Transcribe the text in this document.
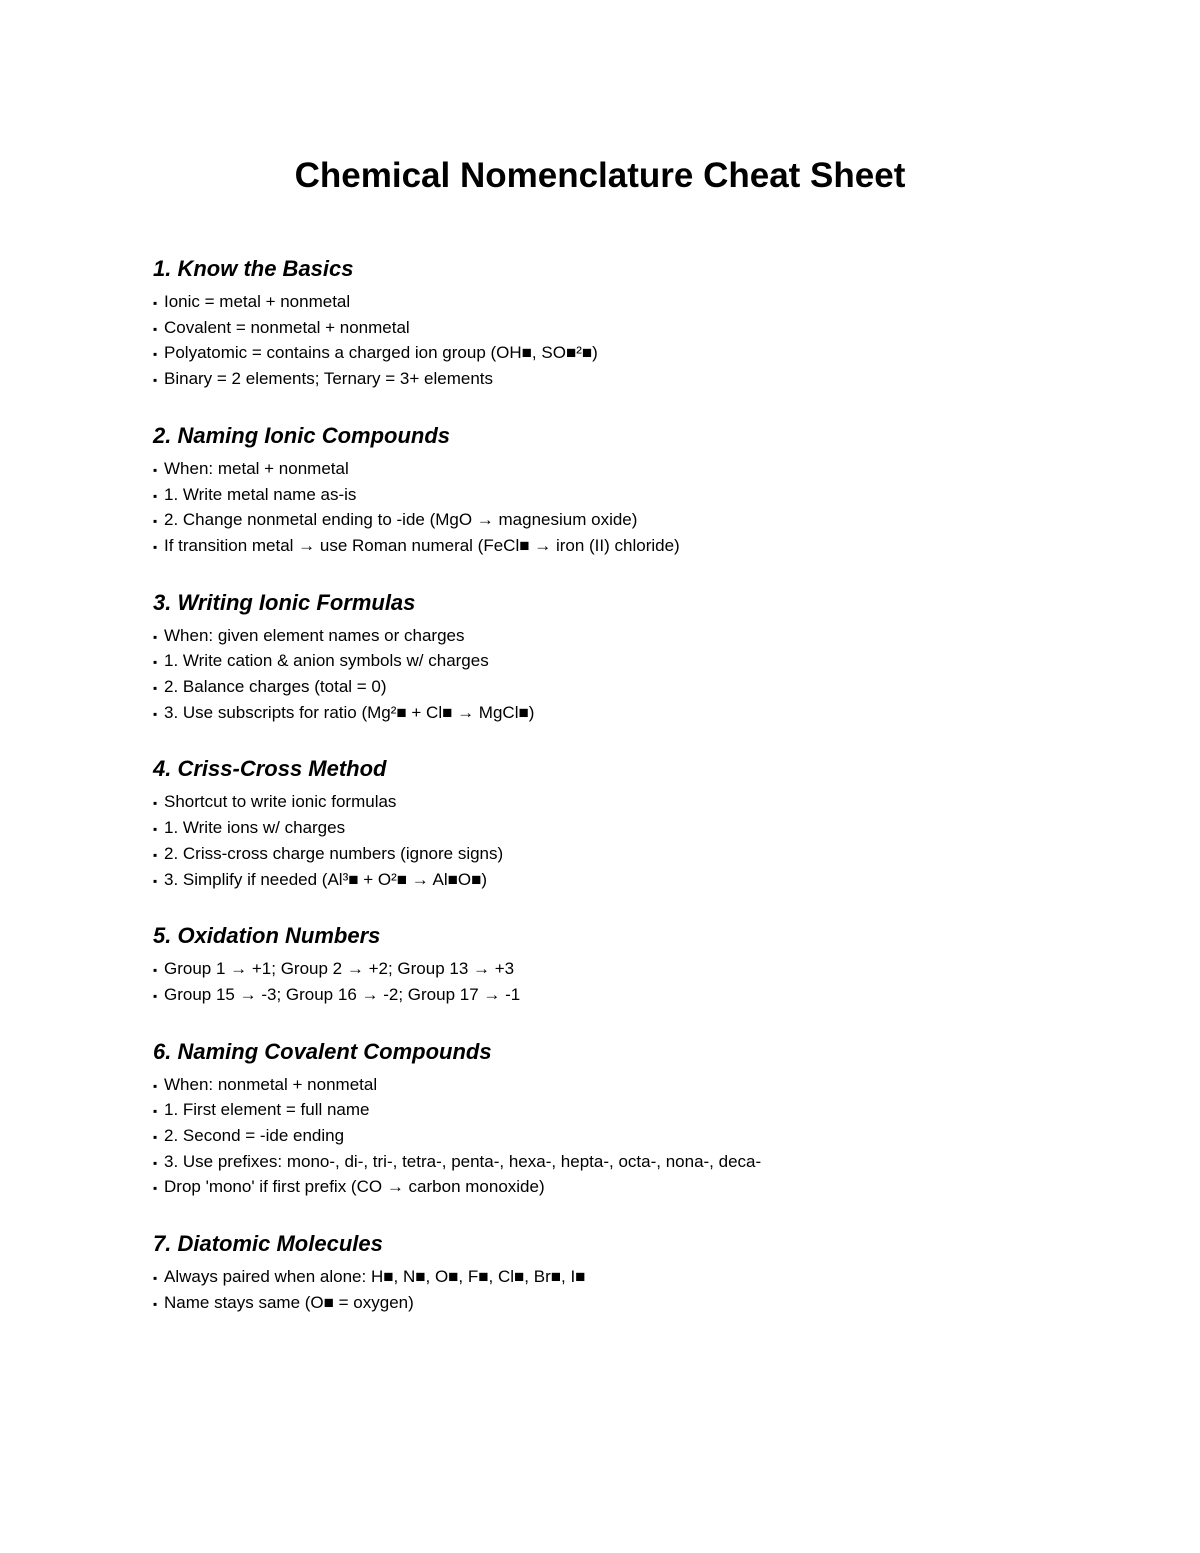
Chemical Nomenclature Cheat Sheet
1. Know the Basics
▪ Ionic = metal + nonmetal
▪ Covalent = nonmetal + nonmetal
▪ Polyatomic = contains a charged ion group (OH■, SO■²■)
▪ Binary = 2 elements; Ternary = 3+ elements
2. Naming Ionic Compounds
▪ When: metal + nonmetal
▪ 1. Write metal name as-is
▪ 2. Change nonmetal ending to -ide (MgO → magnesium oxide)
▪ If transition metal → use Roman numeral (FeCl■ → iron (II) chloride)
3. Writing Ionic Formulas
▪ When: given element names or charges
▪ 1. Write cation & anion symbols w/ charges
▪ 2. Balance charges (total = 0)
▪ 3. Use subscripts for ratio (Mg²■ + Cl■ → MgCl■)
4. Criss-Cross Method
▪ Shortcut to write ionic formulas
▪ 1. Write ions w/ charges
▪ 2. Criss-cross charge numbers (ignore signs)
▪ 3. Simplify if needed (Al³■ + O²■ → Al■O■)
5. Oxidation Numbers
▪ Group 1 → +1; Group 2 → +2; Group 13 → +3
▪ Group 15 → -3; Group 16 → -2; Group 17 → -1
6. Naming Covalent Compounds
▪ When: nonmetal + nonmetal
▪ 1. First element = full name
▪ 2. Second = -ide ending
▪ 3. Use prefixes: mono-, di-, tri-, tetra-, penta-, hexa-, hepta-, octa-, nona-, deca-
▪ Drop 'mono' if first prefix (CO → carbon monoxide)
7. Diatomic Molecules
▪ Always paired when alone: H■, N■, O■, F■, Cl■, Br■, I■
▪ Name stays same (O■ = oxygen)
